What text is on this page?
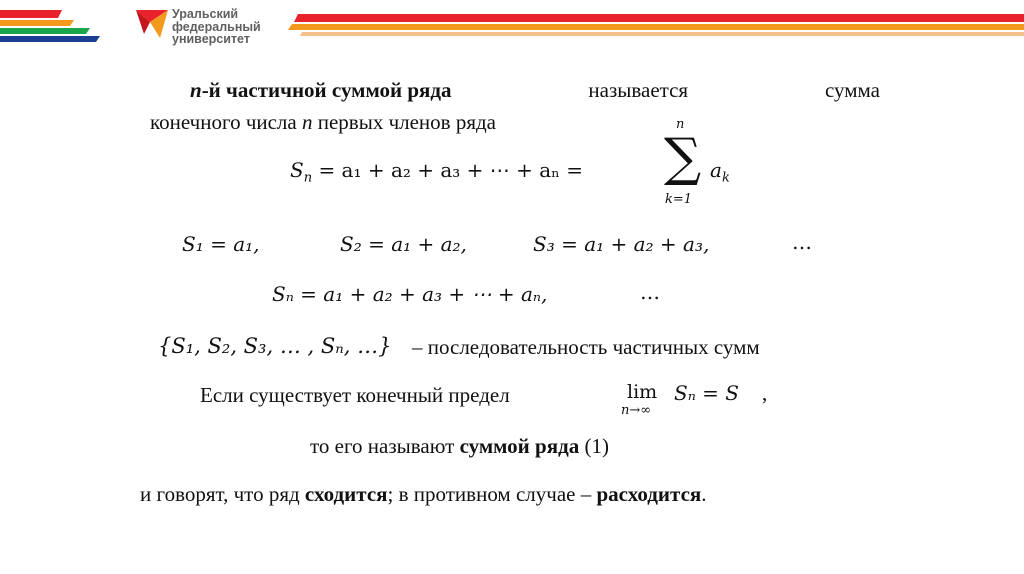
Уральский
федеральный
университет
n-й частичной суммой ряда	называется	сумма
конечного числа n первых членов ряда
$S_n = a_1 + a_2 + a_3$ + ⋯ + aₙ =
n
∑
k=1
$a_k$
S₁ = a₁,	S₂ = a₁ + a₂,	S₃ = a₁ + a₂ + a₃,	…
Sₙ = a₁ + a₂ + a₃ + ⋯ + aₙ,	…
{S₁, S₂, S₃, … , Sₙ, …} – последовательность частичных сумм
Если существует конечный предел	lim
n→∞
Sₙ = S ,
то его называют суммой ряда (1)
и говорят, что ряд сходится; в противном случае – расходится.
